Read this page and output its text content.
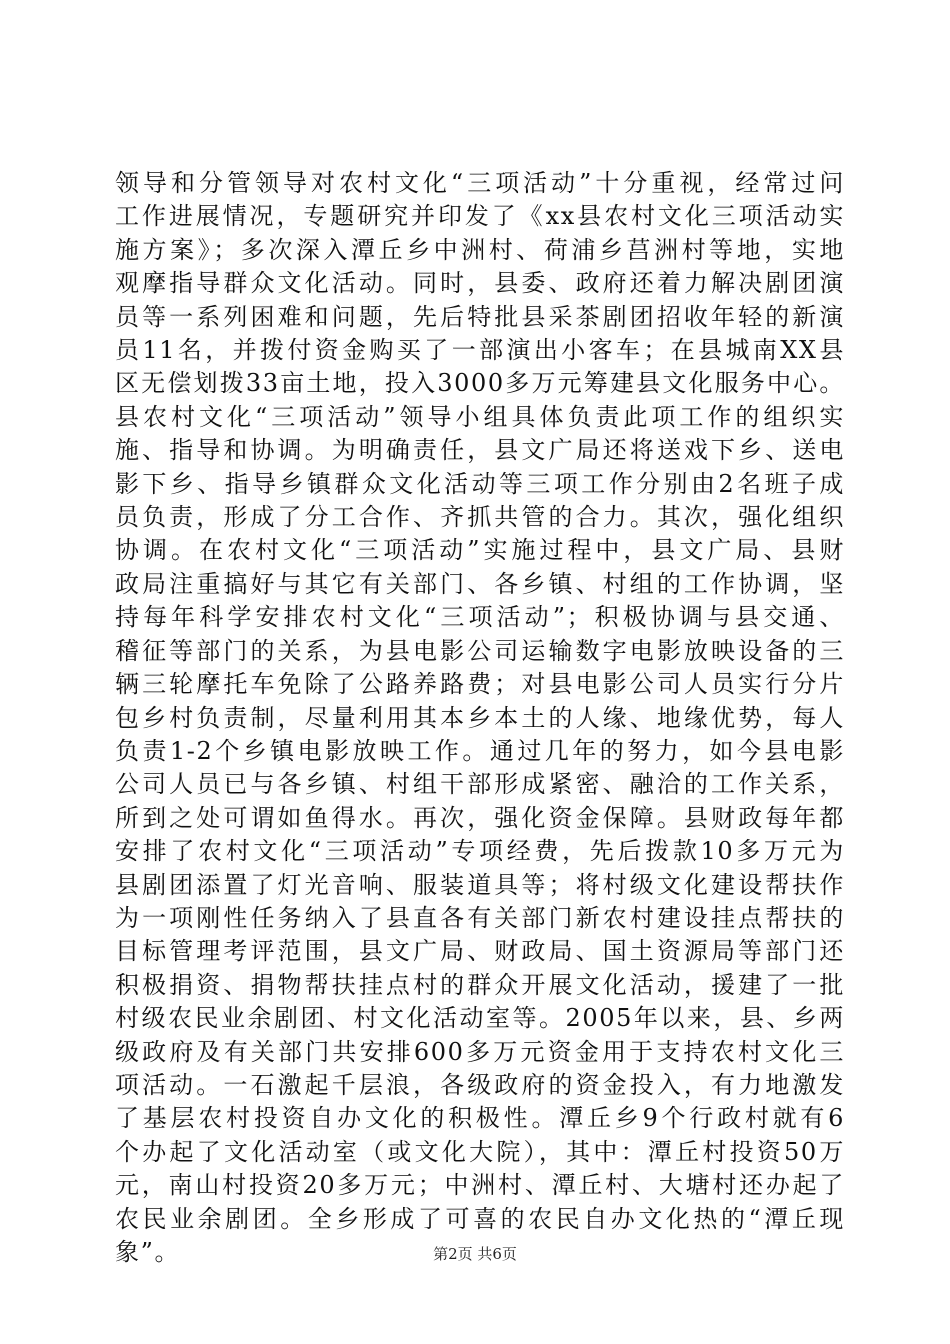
领导和分管领导对农村文化“三项活动”十分重视，经常过问
工作进展情况，专题研究并印发了《xx县农村文化三项活动实
施方案》；多次深入潭丘乡中洲村、荷浦乡莒洲村等地，实地
观摩指导群众文化活动。同时，县委、政府还着力解决剧团演
员等一系列困难和问题，先后特批县采茶剧团招收年轻的新演
员11名，并拨付资金购买了一部演出小客车；在县城南XX县
区无偿划拨33亩土地，投入3000多万元筹建县文化服务中心。
县农村文化“三项活动”领导小组具体负责此项工作的组织实
施、指导和协调。为明确责任，县文广局还将送戏下乡、送电
影下乡、指导乡镇群众文化活动等三项工作分别由2名班子成
员负责，形成了分工合作、齐抓共管的合力。其次，强化组织
协调。在农村文化“三项活动”实施过程中，县文广局、县财
政局注重搞好与其它有关部门、各乡镇、村组的工作协调，坚
持每年科学安排农村文化“三项活动”；积极协调与县交通、
稽征等部门的关系，为县电影公司运输数字电影放映设备的三
辆三轮摩托车免除了公路养路费；对县电影公司人员实行分片
包乡村负责制，尽量利用其本乡本土的人缘、地缘优势，每人
负责1-2个乡镇电影放映工作。通过几年的努力，如今县电影
公司人员已与各乡镇、村组干部形成紧密、融洽的工作关系，
所到之处可谓如鱼得水。再次，强化资金保障。县财政每年都
安排了农村文化“三项活动”专项经费，先后拨款10多万元为
县剧团添置了灯光音响、服装道具等；将村级文化建设帮扶作
为一项刚性任务纳入了县直各有关部门新农村建设挂点帮扶的
目标管理考评范围，县文广局、财政局、国土资源局等部门还
积极捐资、捐物帮扶挂点村的群众开展文化活动，援建了一批
村级农民业余剧团、村文化活动室等。2005年以来，县、乡两
级政府及有关部门共安排600多万元资金用于支持农村文化三
项活动。一石激起千层浪，各级政府的资金投入，有力地激发
了基层农村投资自办文化的积极性。潭丘乡9个行政村就有6
个办起了文化活动室（或文化大院），其中：潭丘村投资50万
元，南山村投资20多万元；中洲村、潭丘村、大塘村还办起了
农民业余剧团。全乡形成了可喜的农民自办文化热的“潭丘现
象”。	第2页 共6页
